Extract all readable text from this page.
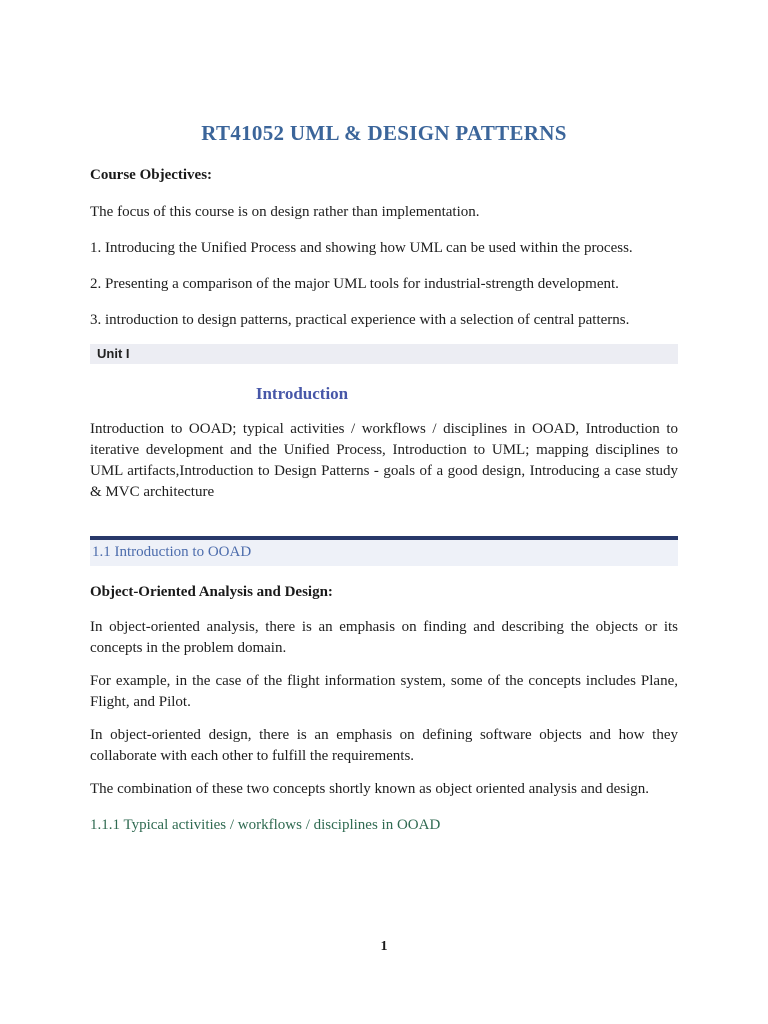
RT41052 UML & DESIGN PATTERNS

Course Objectives:

The focus of this course is on design rather than implementation.

1. Introducing the Unified Process and showing how UML can be used within the process.

2. Presenting a comparison of the major UML tools for industrial-strength development.

3. introduction to design patterns, practical experience with a selection of central patterns.

Unit I
Introduction

Introduction to OOAD; typical activities / workflows / disciplines in OOAD, Introduction to iterative development and the Unified Process, Introduction to UML; mapping disciplines to UML artifacts,Introduction to Design Patterns - goals of a good design, Introducing a case study & MVC architecture

1.1 Introduction to OOAD

Object-Oriented Analysis and Design:

In object-oriented analysis, there is an emphasis on finding and describing the objects or its concepts in the problem domain.

For example, in the case of the flight information system, some of the concepts includes Plane, Flight, and Pilot.

In object-oriented design, there is an emphasis on defining software objects and how they collaborate with each other to fulfill the requirements.

The combination of these two concepts shortly known as object oriented analysis and design.

1.1.1 Typical activities / workflows / disciplines in OOAD
1
